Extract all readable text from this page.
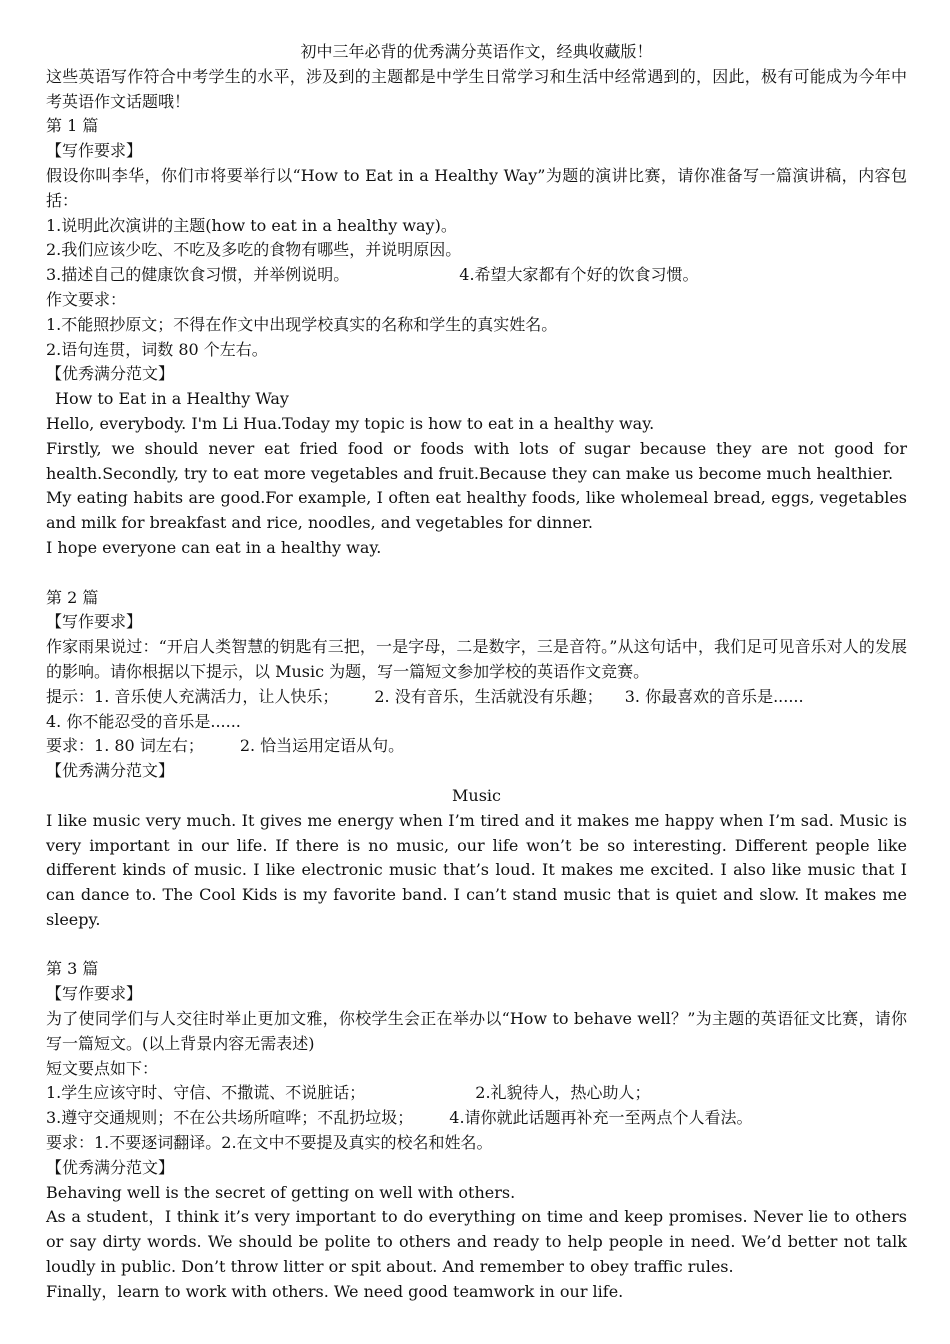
初中三年必背的优秀满分英语作文，经典收藏版！

这些英语写作符合中考学生的水平，涉及到的主题都是中学生日常学习和生活中经常遇到的，因此，极有可能成为今年中考英语作文话题哦！

第 1 篇

【写作要求】

假设你叫李华，你们市将要举行以“How to Eat in a Healthy Way”为题的演讲比赛，请你准备写一篇演讲稿，内容包括：

1.说明此次演讲的主题(how to eat in a healthy way)。

2.我们应该少吃、不吃及多吃的食物有哪些，并说明原因。

3.描述自己的健康饮食习惯，并举例说明。	4.希望大家都有个好的饮食习惯。

作文要求：

1.不能照抄原文；不得在作文中出现学校真实的名称和学生的真实姓名。

2.语句连贯，词数 80 个左右。

【优秀满分范文】

How to Eat in a Healthy Way

Hello, everybody. I'm Li Hua.Today my topic is how to eat in a healthy way.

Firstly, we should never eat fried food or foods with lots of sugar because they are not good for health.Secondly, try to eat more vegetables and fruit.Because they can make us become much healthier.

My eating habits are good.For example, I often eat healthy foods, like wholemeal bread, eggs, vegetables and milk for breakfast and rice, noodles, and vegetables for dinner.

I hope everyone can eat in a healthy way.

第 2 篇

【写作要求】

作家雨果说过：“开启人类智慧的钥匙有三把，一是字母，二是数字，三是音符。”从这句话中，我们足可见音乐对人的发展的影响。请你根据以下提示，以 Music 为题，写一篇短文参加学校的英语作文竞赛。

提示：1. 音乐使人充满活力，让人快乐； 2. 没有音乐，生活就没有乐趣； 3. 你最喜欢的音乐是......

4. 你不能忍受的音乐是......

要求：1. 80 词左右； 2. 恰当运用定语从句。

【优秀满分范文】

Music

I like music very much. It gives me energy when I’m tired and it makes me happy when I’m sad. Music is very important in our life. If there is no music, our life won’t be so interesting. Different people like different kinds of music. I like electronic music that’s loud. It makes me excited. I also like music that I can dance to. The Cool Kids is my favorite band. I can’t stand music that is quiet and slow. It makes me sleepy.

第 3 篇

【写作要求】

为了使同学们与人交往时举止更加文雅，你校学生会正在举办以“How to behave well？”为主题的英语征文比赛，请你写一篇短文。(以上背景内容无需表述)

短文要点如下：

1.学生应该守时、守信、不撒谎、不说脏话；	2.礼貌待人，热心助人；

3.遵守交通规则；不在公共场所喧哗；不乱扔垃圾； 4.请你就此话题再补充一至两点个人看法。

要求：1.不要逐词翻译。2.在文中不要提及真实的校名和姓名。

【优秀满分范文】

Behaving well is the secret of getting on well with others.

As a student，I think it’s very important to do everything on time and keep promises. Never lie to others or say dirty words. We should be polite to others and ready to help people in need. We’d better not talk loudly in public. Don’t throw litter or spit about. And remember to obey traffic rules.

Finally，learn to work with others. We need good teamwork in our life.
